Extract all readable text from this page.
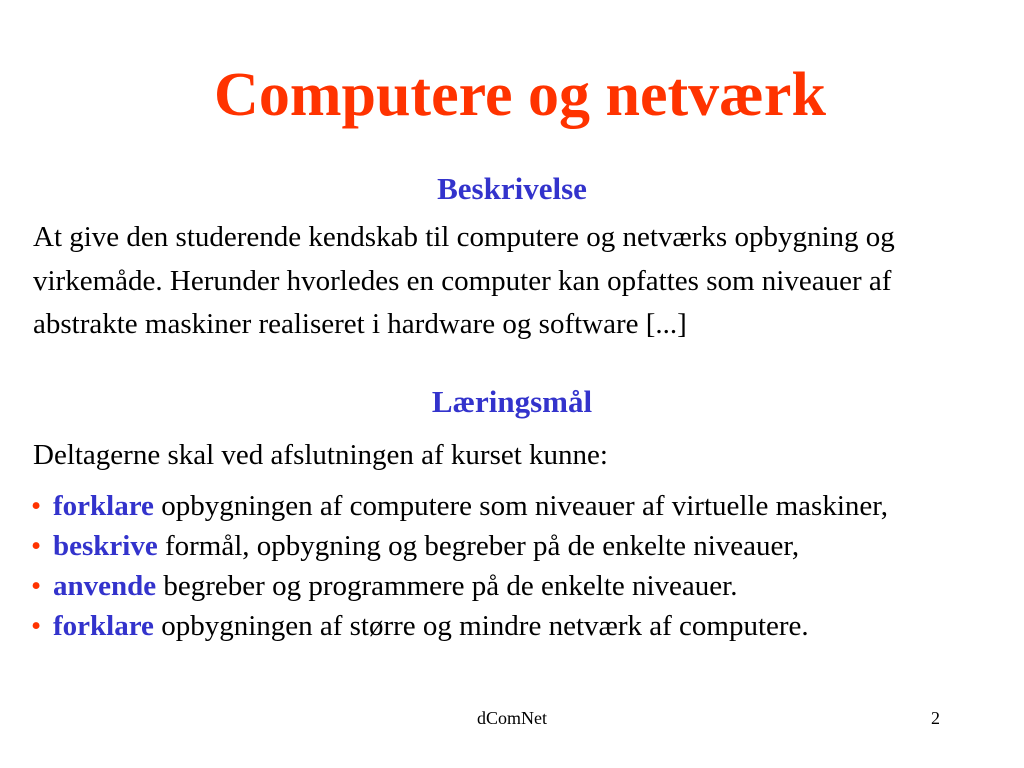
Computere og netværk
Beskrivelse
At give den studerende kendskab til computere og netværks opbygning og virkemåde. Herunder hvorledes en computer kan opfattes som niveauer af abstrakte maskiner realiseret i hardware og software [...]
Læringsmål
Deltagerne skal ved afslutningen af kurset kunne:
• forklare opbygningen af computere som niveauer af virtuelle maskiner,
• beskrive formål, opbygning og begreber på de enkelte niveauer,
• anvende begreber og programmere på de enkelte niveauer.
• forklare opbygningen af større og mindre netværk af computere.
dComNet	2
